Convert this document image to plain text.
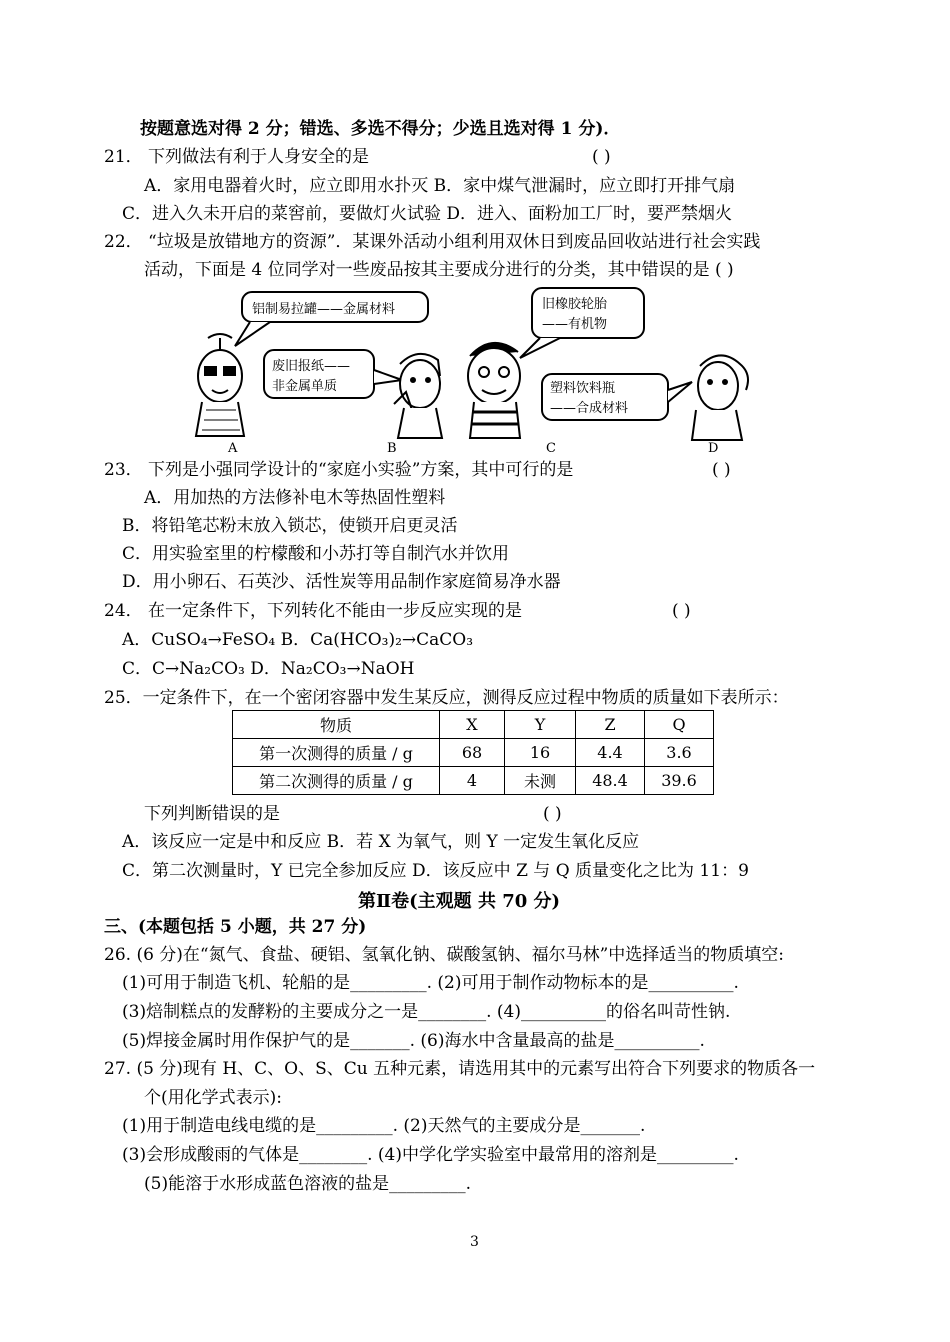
按题意选对得 2 分；错选、多选不得分；少选且选对得 1 分)．
21． 下列做法有利于人身安全的是	( )
A．家用电器着火时，应立即用水扑灭 B．家中煤气泄漏时，应立即打开排气扇
C．进入久未开启的菜窖前，要做灯火试验 D．进入、面粉加工厂时，要严禁烟火
22． “垃圾是放错地方的资源”．某课外活动小组利用双休日到废品回收站进行社会实践
活动，下面是 4 位同学对一些废品按其主要成分进行的分类，其中错误的是 ( )
铝制易拉罐——金属材料
A
废旧报纸——
非金属单质
B
旧橡胶轮胎
——有机物
C
塑料饮料瓶
——合成材料
D
23． 下列是小强同学设计的“家庭小实验”方案，其中可行的是	( )
A．用加热的方法修补电木等热固性塑料
B．将铅笔芯粉末放入锁芯，使锁开启更灵活
C．用实验室里的柠檬酸和小苏打等自制汽水并饮用
D．用小卵石、石英沙、活性炭等用品制作家庭简易净水器
24． 在一定条件下，下列转化不能由一步反应实现的是	( )
A．CuSO₄→FeSO₄ B．Ca(HCO₃)₂→CaCO₃
C．C→Na₂CO₃ D．Na₂CO₃→NaOH
25．一定条件下，在一个密闭容器中发生某反应，测得反应过程中物质的质量如下表所示：
物质	X	Y	Z	Q
第一次测得的质量 / g	68	16	4.4	3.6
第二次测得的质量 / g	4	未测	48.4	39.6
下列判断错误的是	( )
A．该反应一定是中和反应 B．若 X 为氧气，则 Y 一定发生氧化反应
C．第二次测量时，Y 已完全参加反应 D．该反应中 Z 与 Q 质量变化之比为 11：9
第Ⅱ卷(主观题 共 70 分)
三、(本题包括 5 小题，共 27 分)
26. (6 分)在“氮气、食盐、硬铝、氢氧化钠、碳酸氢钠、福尔马林”中选择适当的物质填空:
(1)可用于制造飞机、轮船的是_________. (2)可用于制作动物标本的是__________.
(3)焙制糕点的发酵粉的主要成分之一是________. (4)__________的俗名叫苛性钠.
(5)焊接金属时用作保护气的是_______. (6)海水中含量最高的盐是__________.
27. (5 分)现有 H、C、O、S、Cu 五种元素，请选用其中的元素写出符合下列要求的物质各一
个(用化学式表示):
(1)用于制造电线电缆的是_________. (2)天然气的主要成分是_______.
(3)会形成酸雨的气体是________. (4)中学化学实验室中最常用的溶剂是_________.
(5)能溶于水形成蓝色溶液的盐是_________.
3
